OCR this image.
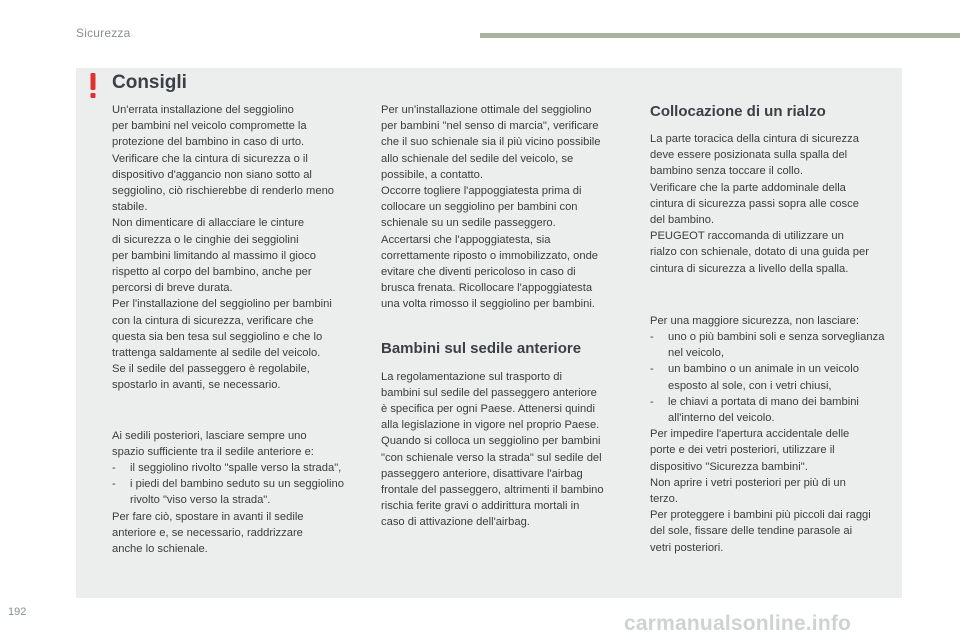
Sicurezza
Consigli

Un'errata installazione del seggiolino

per bambini nel veicolo compromette la

protezione del bambino in caso di urto.

Verificare che la cintura di sicurezza o il

dispositivo d'aggancio non siano sotto al

seggiolino, ciò rischierebbe di renderlo meno

stabile.

Non dimenticare di allacciare le cinture

di sicurezza o le cinghie dei seggiolini

per bambini limitando al massimo il gioco

rispetto al corpo del bambino, anche per

percorsi di breve durata.

Per l'installazione del seggiolino per bambini

con la cintura di sicurezza, verificare che

questa sia ben tesa sul seggiolino e che lo

trattenga saldamente al sedile del veicolo.

Se il sedile del passeggero è regolabile,

spostarlo in avanti, se necessario.

Ai sedili posteriori, lasciare sempre uno

spazio sufficiente tra il sedile anteriore e:

-	il seggiolino rivolto "spalle verso la strada",
-	i piedi del bambino seduto su un seggiolino rivolto "viso verso la strada".

Per fare ciò, spostare in avanti il sedile

anteriore e, se necessario, raddrizzare

anche lo schienale.

Per un'installazione ottimale del seggiolino

per bambini "nel senso di marcia", verificare

che il suo schienale sia il più vicino possibile

allo schienale del sedile del veicolo, se

possibile, a contatto.

Occorre togliere l'appoggiatesta prima di

collocare un seggiolino per bambini con

schienale su un sedile passeggero.

Accertarsi che l'appoggiatesta, sia

correttamente riposto o immobilizzato, onde

evitare che diventi pericoloso in caso di

brusca frenata. Ricollocare l'appoggiatesta

una volta rimosso il seggiolino per bambini.

Bambini sul sedile anteriore

La regolamentazione sul trasporto di

bambini sul sedile del passeggero anteriore

è specifica per ogni Paese. Attenersi quindi

alla legislazione in vigore nel proprio Paese.

Quando si colloca un seggiolino per bambini

"con schienale verso la strada" sul sedile del

passeggero anteriore, disattivare l'airbag

frontale del passeggero, altrimenti il bambino

rischia ferite gravi o addirittura mortali in

caso di attivazione dell'airbag.

Collocazione di un rialzo

La parte toracica della cintura di sicurezza

deve essere posizionata sulla spalla del

bambino senza toccare il collo.

Verificare che la parte addominale della

cintura di sicurezza passi sopra alle cosce

del bambino.

PEUGEOT raccomanda di utilizzare un

rialzo con schienale, dotato di una guida per

cintura di sicurezza a livello della spalla.

Per una maggiore sicurezza, non lasciare:

-	uno o più bambini soli e senza sorveglianza nel veicolo,
-	un bambino o un animale in un veicolo esposto al sole, con i vetri chiusi,
-	le chiavi a portata di mano dei bambini all'interno del veicolo.

Per impedire l'apertura accidentale delle

porte e dei vetri posteriori, utilizzare il

dispositivo "Sicurezza bambini".

Non aprire i vetri posteriori per più di un

terzo.

Per proteggere i bambini più piccoli dai raggi

del sole, fissare delle tendine parasole ai

vetri posteriori.

192	carmanualsonline.info
